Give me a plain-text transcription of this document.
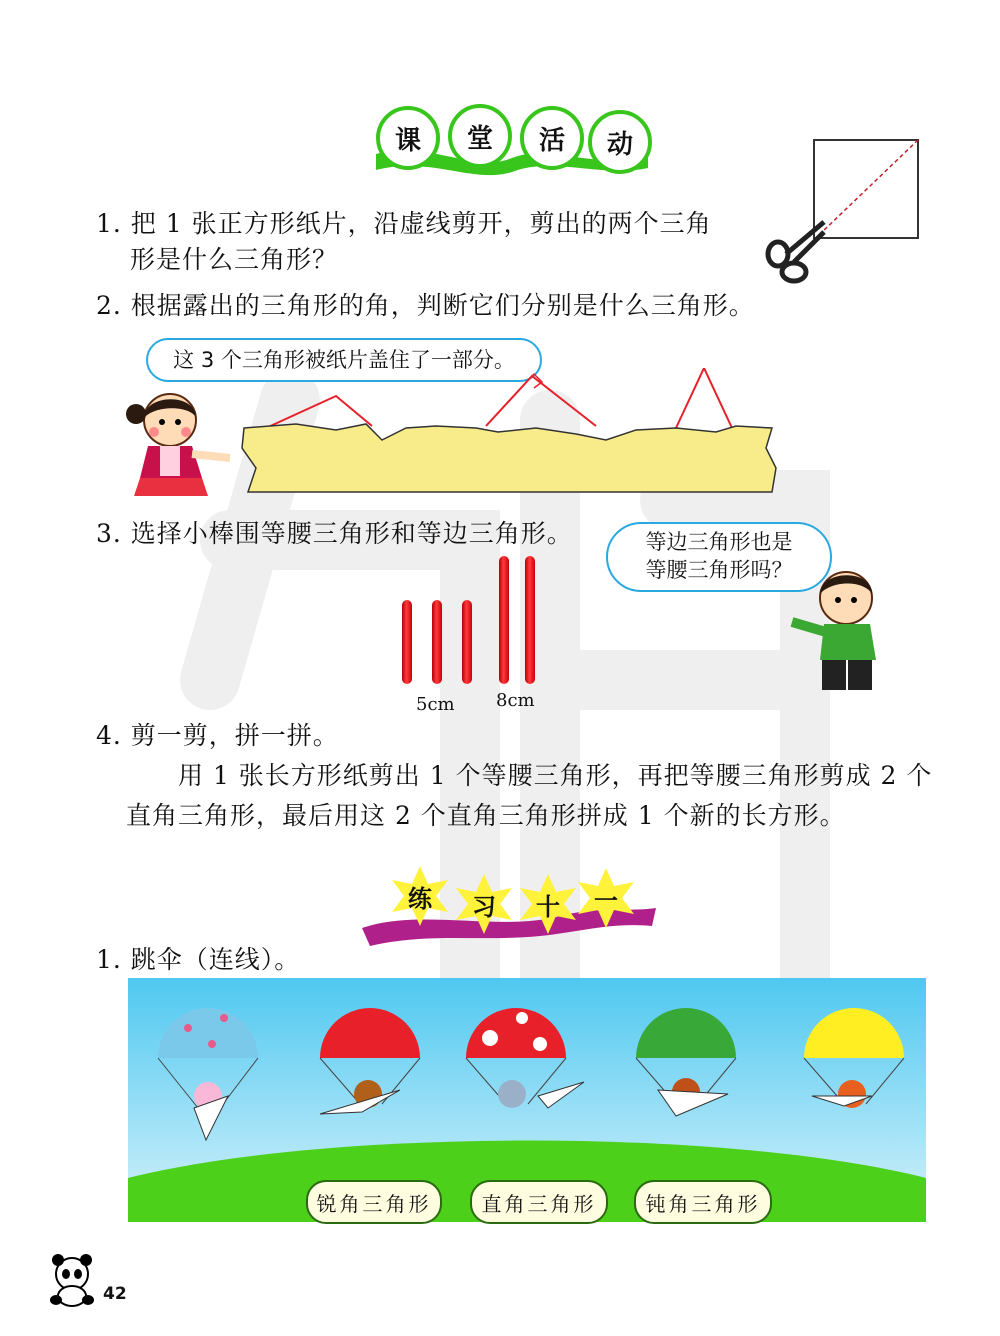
课	堂	活	动
1. 把 1 张正方形纸片，沿虚线剪开，剪出的两个三角
形是什么三角形？
2. 根据露出的三角形的角，判断它们分别是什么三角形。
这 3 个三角形被纸片盖住了一部分。
3. 选择小棒围等腰三角形和等边三角形。	等边三角形也是
等腰三角形吗？
5cm 8cm
4. 剪一剪，拼一拼。
用 1 张长方形纸剪出 1 个等腰三角形，再把等腰三角形剪成 2 个
直角三角形，最后用这 2 个直角三角形拼成 1 个新的长方形。
练 习 十 一
1. 跳伞（连线）。
锐角三角形	直角三角形	钝角三角形
42
